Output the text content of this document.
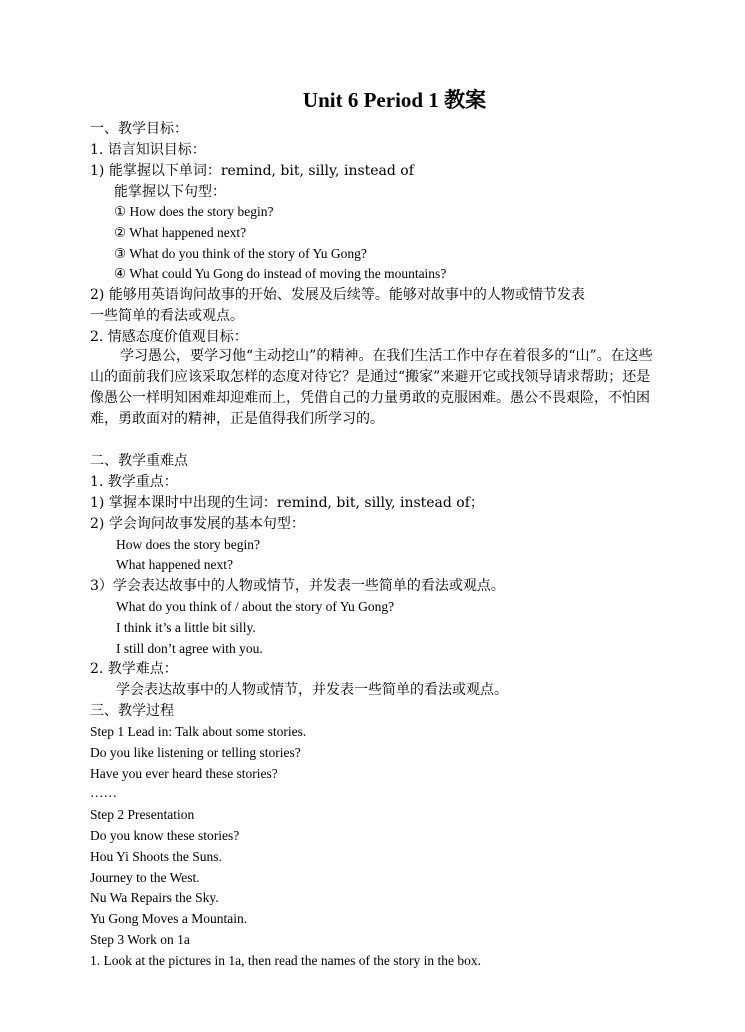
Unit 6 Period 1 教案
一、教学目标：
1. 语言知识目标：
1) 能掌握以下单词：remind, bit, silly, instead of
能掌握以下句型：
① How does the story begin?
② What happened next?
③ What do you think of the story of Yu Gong?
④ What could Yu Gong do instead of moving the mountains?
2) 能够用英语询问故事的开始、发展及后续等。能够对故事中的人物或情节发表
一些简单的看法或观点。
2. 情感态度价值观目标：
学习愚公，要学习他“主动挖山”的精神。在我们生活工作中存在着很多的“山”。在这些山的面前我们应该采取怎样的态度对待它？是通过“搬家”来避开它或找领导请求帮助；还是像愚公一样明知困难却迎难而上，凭借自己的力量勇敢的克服困难。愚公不畏艰险，不怕困难，勇敢面对的精神，正是值得我们所学习的。
二、教学重难点
1. 教学重点：
1) 掌握本课时中出现的生词：remind, bit, silly, instead of；
2) 学会询问故事发展的基本句型：
How does the story begin?
What happened next?
3）学会表达故事中的人物或情节，并发表一些简单的看法或观点。
What do you think of / about the story of Yu Gong?
I think it’s a little bit silly.
I still don’t agree with you.
2. 教学难点：
学会表达故事中的人物或情节，并发表一些简单的看法或观点。
三、教学过程
Step 1 Lead in: Talk about some stories.
Do you like listening or telling stories?
Have you ever heard these stories?
……
Step 2 Presentation
Do you know these stories?
Hou Yi Shoots the Suns.
Journey to the West.
Nu Wa Repairs the Sky.
Yu Gong Moves a Mountain.
Step 3 Work on 1a
1. Look at the pictures in 1a, then read the names of the story in the box.
